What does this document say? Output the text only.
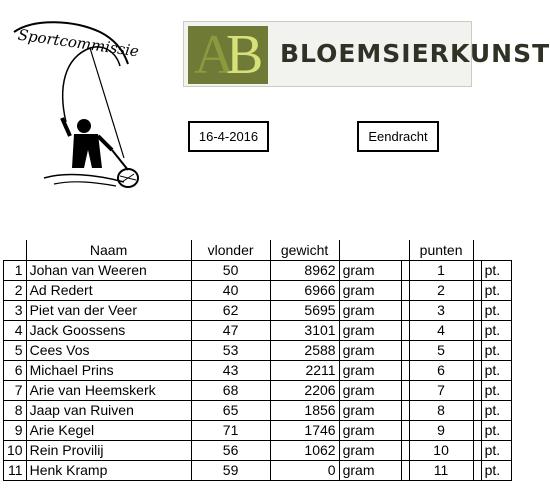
Sportcommissie A
B BLOEMSIERKUNST
16-4-2016	Eendracht
	Naam	vlonder	gewicht			punten		
1	Johan van Weeren	50	8962	gram		1		pt.
2	Ad Redert	40	6966	gram		2		pt.
3	Piet van der Veer	62	5695	gram		3		pt.
4	Jack Goossens	47	3101	gram		4		pt.
5	Cees Vos	53	2588	gram		5		pt.
6	Michael Prins	43	2211	gram		6		pt.
7	Arie van Heemskerk	68	2206	gram		7		pt.
8	Jaap van Ruiven	65	1856	gram		8		pt.
9	Arie Kegel	71	1746	gram		9		pt.
10	Rein Provilij	56	1062	gram		10		pt.
11	Henk Kramp	59	0	gram		11		pt.
